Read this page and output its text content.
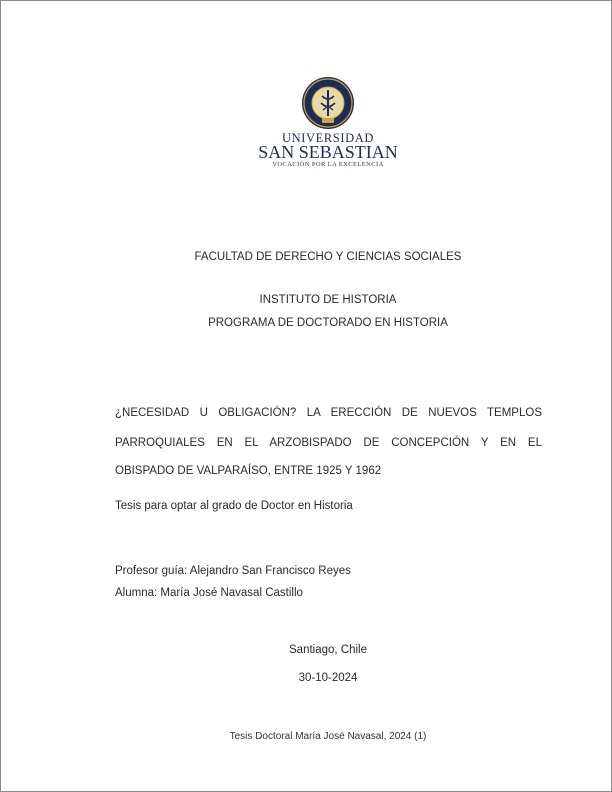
UNIVERSIDAD
SAN SEBASTIAN
VOCACIÓN POR LA EXCELENCIA
FACULTAD DE DERECHO Y CIENCIAS SOCIALES
INSTITUTO DE HISTORIA
PROGRAMA DE DOCTORADO EN HISTORIA
¿NECESIDAD U OBLIGACIÓN? LA ERECCIÓN DE NUEVOS TEMPLOS
PARROQUIALES EN EL ARZOBISPADO DE CONCEPCIÓN Y EN EL
OBISPADO DE VALPARAÍSO, ENTRE 1925 Y 1962
Tesis para optar al grado de Doctor en Historia
Profesor guía: Alejandro San Francisco Reyes
Alumna: María José Navasal Castillo
Santiago, Chile
30-10-2024
Tesis Doctoral María José Navasal, 2024 (1)
